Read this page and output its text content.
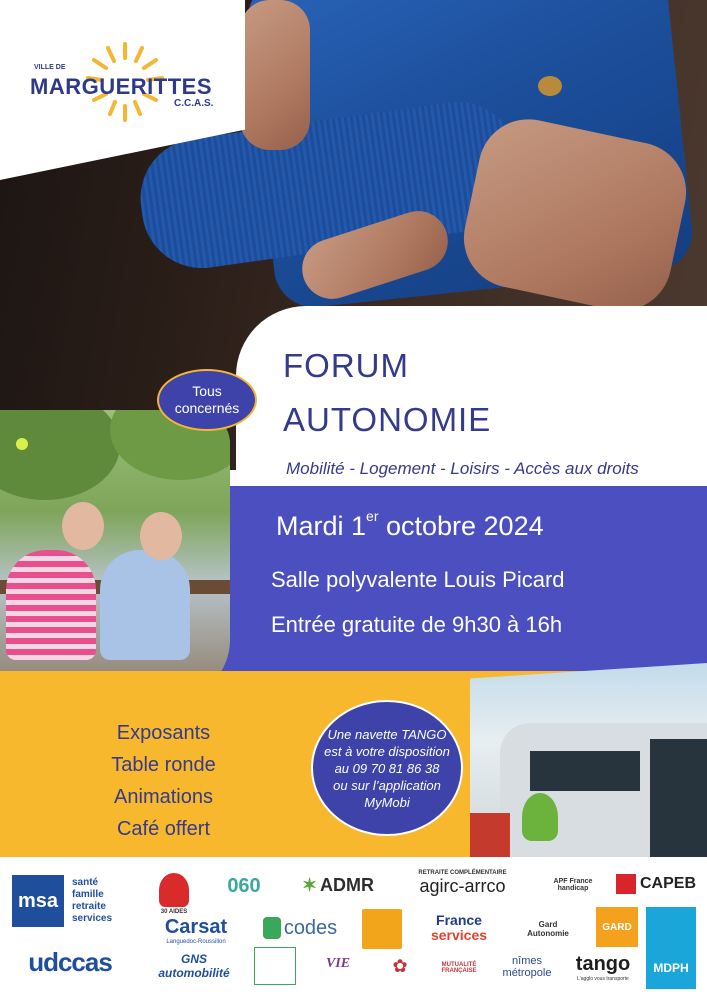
VILLE DE
MARGUERITTES
C.C.A.S.
FORUM
AUTONOMIE
Mobilité - Logement - Loisirs - Accès aux droits
Mardi 1er octobre 2024
Salle polyvalente Louis Picard
Entrée gratuite de 9h30 à 16h
Tous
concernés
Exposants
Table ronde
Animations
Café offert
Une navette TANGO
est à votre disposition
au 09 70 81 86 38
ou sur l’application
MyMobi
msa
santé
famille
retraite
services
30 AIDES
060	✶ ADMR
RETRAITE COMPLÉMENTAIRE
agirc-arrco	APF France handicap	CAPEB
Carsat
Languedoc-Roussillon
codes	France
services
Gard Autonomie
GARD
MDPH
udccas	GNS automobilité
VIE	✿	MUTUALITÉ FRANÇAISE
nîmes métropole	tango
L’agglo vous transporte
